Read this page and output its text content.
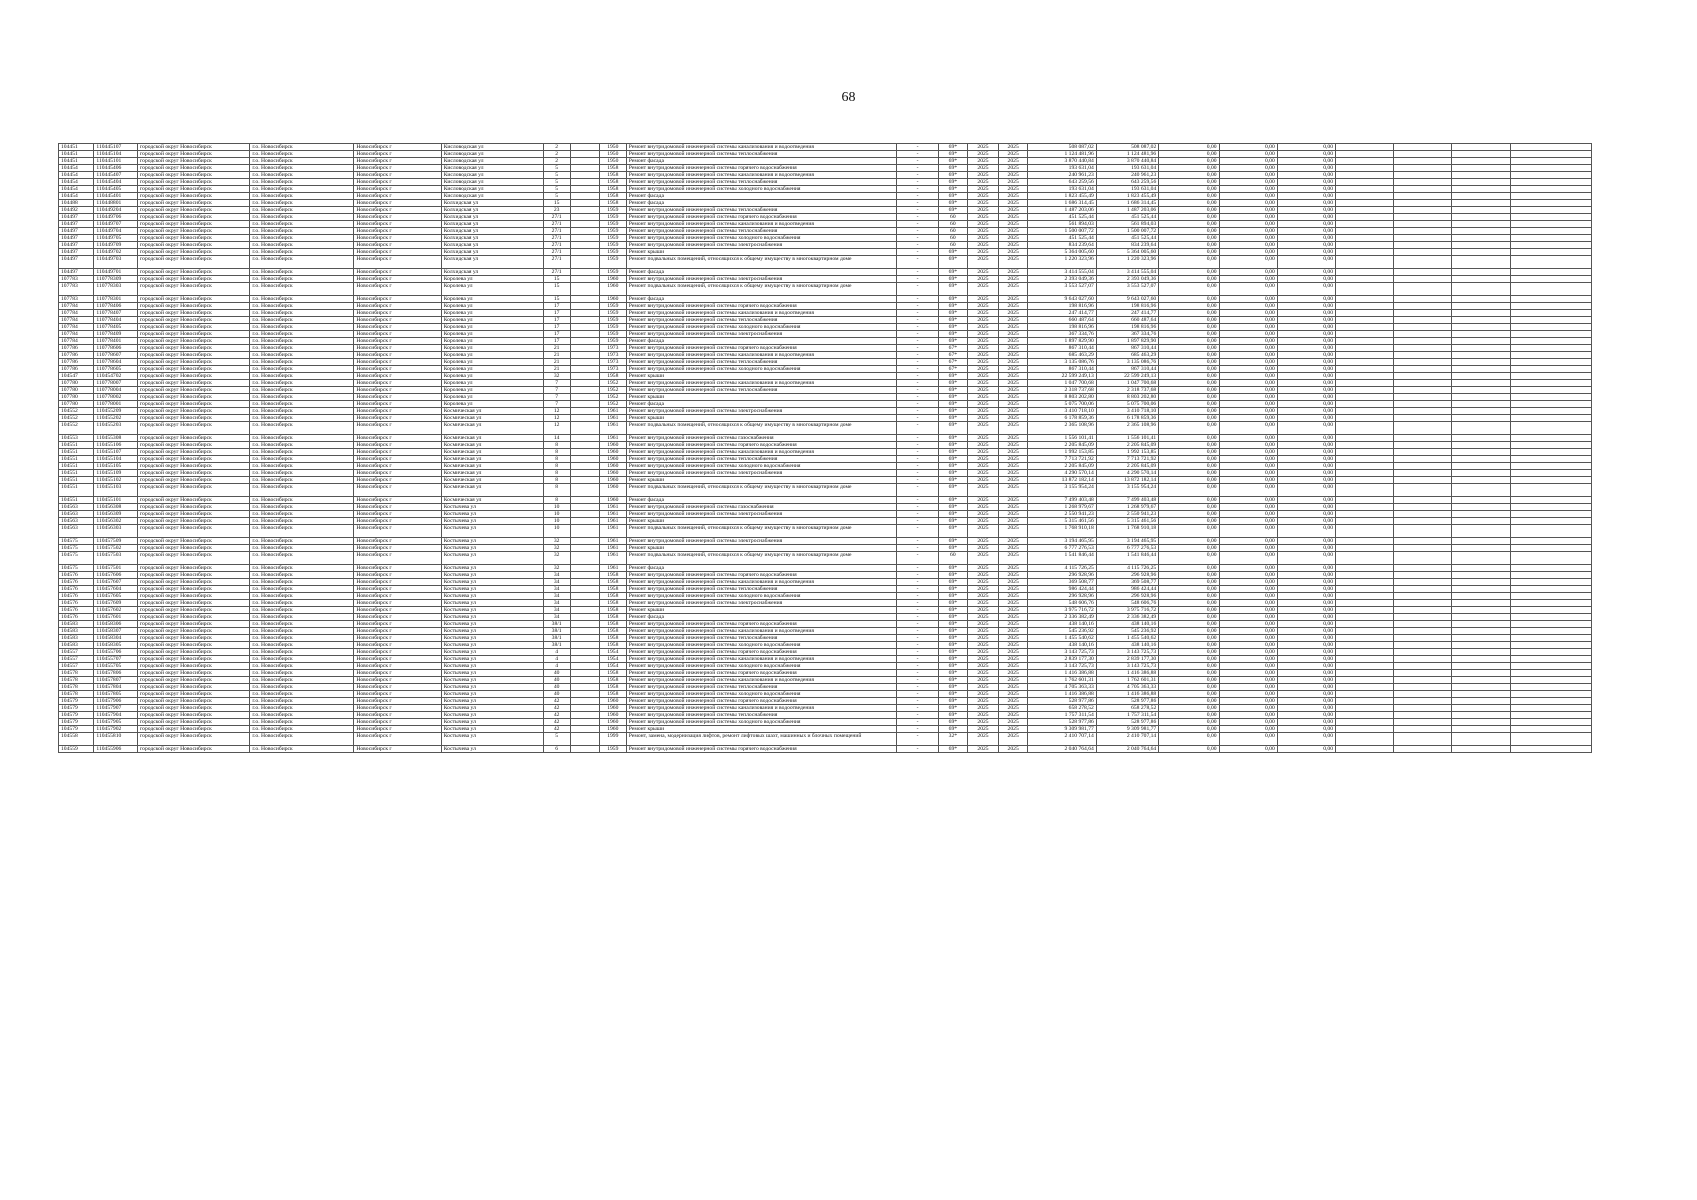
68
104451	110445107	городской округ Новосибирск	г.о. Новосибирск	Новосибирск г	Кисловодская ул	2		1950	Ремонт внутридомовой инженерной системы канализования и водоотведения	-	69*	2025	2025	508 087,02	508 087,02	0,00	0,00	0,00				
104451	110445104	городской округ Новосибирск	г.о. Новосибирск	Новосибирск г	Кисловодская ул	2		1950	Ремонт внутридомовой инженерной системы теплоснабжения	-	69*	2025	2025	1 124 481,96	1 124 481,96	0,00	0,00	0,00				
104451	110445101	городской округ Новосибирск	г.о. Новосибирск	Новосибирск г	Кисловодская ул	2		1950	Ремонт фасада	-	69*	2025	2025	3 870 440,84	3 870 440,84	0,00	0,00	0,00				
104454	110445406	городской округ Новосибирск	г.о. Новосибирск	Новосибирск г	Кисловодская ул	5		1958	Ремонт внутридомовой инженерной системы горячего водоснабжения	-	69*	2025	2025	193 631,04	193 631,04	0,00	0,00	0,00				
104454	110445407	городской округ Новосибирск	г.о. Новосибирск	Новосибирск г	Кисловодская ул	5		1958	Ремонт внутридомовой инженерной системы канализования и водоотведения	-	69*	2025	2025	240 961,23	240 961,23	0,00	0,00	0,00				
104454	110445404	городской округ Новосибирск	г.о. Новосибирск	Новосибирск г	Кисловодская ул	5		1958	Ремонт внутридомовой инженерной системы теплоснабжения	-	69*	2025	2025	643 259,56	643 259,56	0,00	0,00	0,00				
104454	110445405	городской округ Новосибирск	г.о. Новосибирск	Новосибирск г	Кисловодская ул	5		1958	Ремонт внутридомовой инженерной системы холодного водоснабжения	-	69*	2025	2025	193 631,04	193 631,04	0,00	0,00	0,00				
104454	110445401	городской округ Новосибирск	г.о. Новосибирск	Новосибирск г	Кисловодская ул	5		1958	Ремонт фасада	-	69*	2025	2025	1 823 455,49	1 823 455,49	0,00	0,00	0,00				
104488	110448801	городской округ Новосибирск	г.о. Новосибирск	Новосибирск г	Колхидская ул	15		1958	Ремонт фасада	-	69*	2025	2025	1 686 314,45	1 686 314,45	0,00	0,00	0,00				
104492	110449204	городской округ Новосибирск	г.о. Новосибирск	Новосибирск г	Колхидская ул	23		1959	Ремонт внутридомовой инженерной системы теплоснабжения	-	69*	2025	2025	1 487 203,06	1 487 203,06	0,00	0,00	0,00				
104497	110449706	городской округ Новосибирск	г.о. Новосибирск	Новосибирск г	Колхидская ул	27/1		1959	Ремонт внутридомовой инженерной системы горячего водоснабжения	-	60	2025	2025	451 525,44	451 525,44	0,00	0,00	0,00				
104497	110449707	городской округ Новосибирск	г.о. Новосибирск	Новосибирск г	Колхидская ул	27/1		1959	Ремонт внутридомовой инженерной системы канализования и водоотведения	-	60	2025	2025	561 894,03	561 894,03	0,00	0,00	0,00				
104497	110449704	городской округ Новосибирск	г.о. Новосибирск	Новосибирск г	Колхидская ул	27/1		1959	Ремонт внутридомовой инженерной системы теплоснабжения	-	60	2025	2025	1 500 007,72	1 500 007,72	0,00	0,00	0,00				
104497	110449705	городской округ Новосибирск	г.о. Новосибирск	Новосибирск г	Колхидская ул	27/1		1959	Ремонт внутридомовой инженерной системы холодного водоснабжения	-	60	2025	2025	451 525,44	451 525,44	0,00	0,00	0,00				
104497	110449709	городской округ Новосибирск	г.о. Новосибирск	Новосибирск г	Колхидская ул	27/1		1959	Ремонт внутридомовой инженерной системы электроснабжения	-	60	2025	2025	834 239,64	834 239,64	0,00	0,00	0,00				
104497	110449702	городской округ Новосибирск	г.о. Новосибирск	Новосибирск г	Колхидская ул	27/1		1959	Ремонт крыши	-	69*	2025	2025	5 364 005,60	5 364 005,60	0,00	0,00	0,00				
104497	110449703	городской округ Новосибирск	г.о. Новосибирск	Новосибирск г	Колхидская ул	27/1		1959	Ремонт подвальных помещений, относящихся к общему имуществу в многоквартирном доме	-	69*	2025	2025	1 220 323,96	1 220 323,96	0,00	0,00	0,00				
104497	110449701	городской округ Новосибирск	г.о. Новосибирск	Новосибирск г	Колхидская ул	27/1		1959	Ремонт фасада	-	69*	2025	2025	3 414 555,04	3 414 555,04	0,00	0,00	0,00				
107783	110778309	городской округ Новосибирск	г.о. Новосибирск	Новосибирск г	Королева ул	15		1960	Ремонт внутридомовой инженерной системы электроснабжения	-	69*	2025	2025	2 393 049,36	2 393 049,36	0,00	0,00	0,00				
107783	110778303	городской округ Новосибирск	г.о. Новосибирск	Новосибирск г	Королева ул	15		1960	Ремонт подвальных помещений, относящихся к общему имуществу в многоквартирном доме	-	69*	2025	2025	3 553 527,07	3 553 527,07	0,00	0,00	0,00				
107783	110778301	городской округ Новосибирск	г.о. Новосибирск	Новосибирск г	Королева ул	15		1960	Ремонт фасада	-	69*	2025	2025	9 643 027,60	9 643 027,60	0,00	0,00	0,00				
107784	110778406	городской округ Новосибирск	г.о. Новосибирск	Новосибирск г	Королева ул	17		1959	Ремонт внутридомовой инженерной системы горячего водоснабжения	-	69*	2025	2025	198 816,96	198 816,96	0,00	0,00	0,00				
107784	110778407	городской округ Новосибирск	г.о. Новосибирск	Новосибирск г	Королева ул	17		1959	Ремонт внутридомовой инженерной системы канализования и водоотведения	-	69*	2025	2025	247 414,77	247 414,77	0,00	0,00	0,00				
107784	110778404	городской округ Новосибирск	г.о. Новосибирск	Новосибирск г	Королева ул	17		1959	Ремонт внутридомовой инженерной системы теплоснабжения	-	69*	2025	2025	660 487,64	660 487,64	0,00	0,00	0,00				
107784	110778405	городской округ Новосибирск	г.о. Новосибирск	Новосибирск г	Королева ул	17		1959	Ремонт внутридомовой инженерной системы холодного водоснабжения	-	69*	2025	2025	198 816,96	198 816,96	0,00	0,00	0,00				
107784	110778409	городской округ Новосибирск	г.о. Новосибирск	Новосибирск г	Королева ул	17		1959	Ремонт внутридомовой инженерной системы электроснабжения	-	69*	2025	2025	367 334,76	367 334,76	0,00	0,00	0,00				
107784	110778401	городской округ Новосибирск	г.о. Новосибирск	Новосибирск г	Королева ул	17		1959	Ремонт фасада	-	69*	2025	2025	1 897 829,90	1 897 829,90	0,00	0,00	0,00				
107786	110778606	городской округ Новосибирск	г.о. Новосибирск	Новосибирск г	Королева ул	21		1973	Ремонт внутридомовой инженерной системы горячего водоснабжения	-	67*	2025	2025	867 310,44	867 310,44	0,00	0,00	0,00				
107786	110778607	городской округ Новосибирск	г.о. Новосибирск	Новосибирск г	Королева ул	21		1973	Ремонт внутридомовой инженерной системы канализования и водоотведения	-	67*	2025	2025	685 463,29	685 463,29	0,00	0,00	0,00				
107786	110778604	городской округ Новосибирск	г.о. Новосибирск	Новосибирск г	Королева ул	21		1973	Ремонт внутридомовой инженерной системы теплоснабжения	-	67*	2025	2025	3 135 086,76	3 135 086,76	0,00	0,00	0,00				
107786	110778605	городской округ Новосибирск	г.о. Новосибирск	Новосибирск г	Королева ул	21		1973	Ремонт внутридомовой инженерной системы холодного водоснабжения	-	67*	2025	2025	867 310,44	867 310,44	0,00	0,00	0,00				
104547	110454702	городской округ Новосибирск	г.о. Новосибирск	Новосибирск г	Королева ул	32		1958	Ремонт крыши	-	69*	2025	2025	22 599 249,13	22 599 249,13	0,00	0,00	0,00				
107780	110778007	городской округ Новосибирск	г.о. Новосибирск	Новосибирск г	Королева ул	7		1952	Ремонт внутридомовой инженерной системы канализования и водоотведения	-	69*	2025	2025	1 047 700,68	1 047 700,68	0,00	0,00	0,00				
107780	110778004	городской округ Новосибирск	г.о. Новосибирск	Новосибирск г	Королева ул	7		1952	Ремонт внутридомовой инженерной системы теплоснабжения	-	69*	2025	2025	2 318 737,68	2 318 737,68	0,00	0,00	0,00				
107780	110778002	городской округ Новосибирск	г.о. Новосибирск	Новосибирск г	Королева ул	7		1952	Ремонт крыши	-	69*	2025	2025	8 803 202,80	8 803 202,80	0,00	0,00	0,00				
107780	110778001	городской округ Новосибирск	г.о. Новосибирск	Новосибирск г	Королева ул	7		1952	Ремонт фасада	-	69*	2025	2025	5 075 700,06	5 075 700,06	0,00	0,00	0,00				
104552	110455209	городской округ Новосибирск	г.о. Новосибирск	Новосибирск г	Космическая ул	12		1961	Ремонт внутридомовой инженерной системы электроснабжения	-	69*	2025	2025	3 410 718,10	3 410 718,10	0,00	0,00	0,00				
104552	110455202	городской округ Новосибирск	г.о. Новосибирск	Новосибирск г	Космическая ул	12		1961	Ремонт крыши	-	69*	2025	2025	6 178 859,36	6 178 859,36	0,00	0,00	0,00				
104552	110455203	городской округ Новосибирск	г.о. Новосибирск	Новосибирск г	Космическая ул	12		1961	Ремонт подвальных помещений, относящихся к общему имуществу в многоквартирном доме	-	69*	2025	2025	2 365 108,96	2 365 108,96	0,00	0,00	0,00				
104553	110455308	городской округ Новосибирск	г.о. Новосибирск	Новосибирск г	Космическая ул	14		1961	Ремонт внутридомовой инженерной системы газоснабжения	-	69*	2025	2025	1 556 101,41	1 556 101,41	0,00	0,00	0,00				
104551	110455106	городской округ Новосибирск	г.о. Новосибирск	Новосибирск г	Космическая ул	8		1960	Ремонт внутридомовой инженерной системы горячего водоснабжения	-	69*	2025	2025	2 205 845,09	2 205 845,09	0,00	0,00	0,00				
104551	110455107	городской округ Новосибирск	г.о. Новосибирск	Новосибирск г	Космическая ул	8		1960	Ремонт внутридомовой инженерной системы канализования и водоотведения	-	69*	2025	2025	1 992 153,85	1 992 153,85	0,00	0,00	0,00				
104551	110455104	городской округ Новосибирск	г.о. Новосибирск	Новосибирск г	Космическая ул	8		1960	Ремонт внутридомовой инженерной системы теплоснабжения	-	69*	2025	2025	7 713 721,92	7 713 721,92	0,00	0,00	0,00				
104551	110455105	городской округ Новосибирск	г.о. Новосибирск	Новосибирск г	Космическая ул	8		1960	Ремонт внутридомовой инженерной системы холодного водоснабжения	-	69*	2025	2025	2 205 845,09	2 205 845,09	0,00	0,00	0,00				
104551	110455109	городской округ Новосибирск	г.о. Новосибирск	Новосибирск г	Космическая ул	8		1960	Ремонт внутридомовой инженерной системы электроснабжения	-	69*	2025	2025	4 290 570,14	4 290 570,14	0,00	0,00	0,00				
104551	110455102	городской округ Новосибирск	г.о. Новосибирск	Новосибирск г	Космическая ул	8		1960	Ремонт крыши	-	69*	2025	2025	13 872 182,14	13 872 182,14	0,00	0,00	0,00				
104551	110455103	городской округ Новосибирск	г.о. Новосибирск	Новосибирск г	Космическая ул	8		1960	Ремонт подвальных помещений, относящихся к общему имуществу в многоквартирном доме	-	69*	2025	2025	3 155 954,24	3 155 954,24	0,00	0,00	0,00				
104551	110455101	городской округ Новосибирск	г.о. Новосибирск	Новосибирск г	Космическая ул	8		1960	Ремонт фасада	-	69*	2025	2025	7 499 403,48	7 499 403,48	0,00	0,00	0,00				
104563	110456308	городской округ Новосибирск	г.о. Новосибирск	Новосибирск г	Костычева ул	10		1961	Ремонт внутридомовой инженерной системы газоснабжения	-	69*	2025	2025	1 268 979,67	1 268 979,67	0,00	0,00	0,00				
104563	110456309	городской округ Новосибирск	г.о. Новосибирск	Новосибирск г	Костычева ул	10		1961	Ремонт внутридомовой инженерной системы электроснабжения	-	69*	2025	2025	2 550 941,23	2 550 941,23	0,00	0,00	0,00				
104563	110456302	городской округ Новосибирск	г.о. Новосибирск	Новосибирск г	Костычева ул	10		1961	Ремонт крыши	-	69*	2025	2025	5 315 461,56	5 315 461,56	0,00	0,00	0,00				
104563	110456303	городской округ Новосибирск	г.о. Новосибирск	Новосибирск г	Костычева ул	10		1961	Ремонт подвальных помещений, относящихся к общему имуществу в многоквартирном доме	-	69*	2025	2025	1 768 910,18	1 768 910,18	0,00	0,00	0,00				
104575	110457509	городской округ Новосибирск	г.о. Новосибирск	Новосибирск г	Костычева ул	32		1961	Ремонт внутридомовой инженерной системы электроснабжения	-	69*	2025	2025	3 194 465,95	3 194 465,95	0,00	0,00	0,00				
104575	110457502	городской округ Новосибирск	г.о. Новосибирск	Новосибирск г	Костычева ул	32		1961	Ремонт крыши	-	69*	2025	2025	6 777 276,53	6 777 276,53	0,00	0,00	0,00				
104575	110457503	городской округ Новосибирск	г.о. Новосибирск	Новосибирск г	Костычева ул	32		1961	Ремонт подвальных помещений, относящихся к общему имуществу в многоквартирном доме	-	60	2025	2025	1 541 846,44	1 541 846,44	0,00	0,00	0,00				
104575	110457501	городской округ Новосибирск	г.о. Новосибирск	Новосибирск г	Костычева ул	32		1961	Ремонт фасада	-	69*	2025	2025	4 115 726,25	4 115 726,25	0,00	0,00	0,00				
104576	110457606	городской округ Новосибирск	г.о. Новосибирск	Новосибирск г	Костычева ул	34		1958	Ремонт внутридомовой инженерной системы горячего водоснабжения	-	69*	2025	2025	296 928,96	296 928,96	0,00	0,00	0,00				
104576	110457607	городской округ Новосибирск	г.о. Новосибирск	Новосибирск г	Костычева ул	34		1958	Ремонт внутридомовой инженерной системы канализования и водоотведения	-	69*	2025	2025	369 508,77	369 508,77	0,00	0,00	0,00				
104576	110457604	городской округ Новосибирск	г.о. Новосибирск	Новосибирск г	Костычева ул	34		1958	Ремонт внутридомовой инженерной системы теплоснабжения	-	69*	2025	2025	986 424,44	986 424,44	0,00	0,00	0,00				
104576	110457605	городской округ Новосибирск	г.о. Новосибирск	Новосибирск г	Костычева ул	34		1958	Ремонт внутридомовой инженерной системы холодного водоснабжения	-	69*	2025	2025	296 928,96	296 928,96	0,00	0,00	0,00				
104576	110457609	городской округ Новосибирск	г.о. Новосибирск	Новосибирск г	Костычева ул	34		1958	Ремонт внутридомовой инженерной системы электроснабжения	-	69*	2025	2025	548 606,76	548 606,76	0,00	0,00	0,00				
104576	110457602	городской округ Новосибирск	г.о. Новосибирск	Новосибирск г	Костычева ул	34		1958	Ремонт крыши	-	69*	2025	2025	3 975 716,72	3 975 716,72	0,00	0,00	0,00				
104576	110457601	городской округ Новосибирск	г.о. Новосибирск	Новосибирск г	Костычева ул	34		1958	Ремонт фасада	-	69*	2025	2025	2 336 382,49	2 336 382,49	0,00	0,00	0,00				
104583	110458306	городской округ Новосибирск	г.о. Новосибирск	Новосибирск г	Костычева ул	38/1		1958	Ремонт внутридомовой инженерной системы горячего водоснабжения	-	69*	2025	2025	438 140,16	438 140,16	0,00	0,00	0,00				
104583	110458307	городской округ Новосибирск	г.о. Новосибирск	Новосибирск г	Костычева ул	38/1		1958	Ремонт внутридомовой инженерной системы канализования и водоотведения	-	69*	2025	2025	545 236,92	545 236,92	0,00	0,00	0,00				
104583	110458304	городской округ Новосибирск	г.о. Новосибирск	Новосибирск г	Костычева ул	38/1		1958	Ремонт внутридомовой инженерной системы теплоснабжения	-	69*	2025	2025	1 455 540,62	1 455 540,62	0,00	0,00	0,00				
104583	110458305	городской округ Новосибирск	г.о. Новосибирск	Новосибирск г	Костычева ул	38/1		1958	Ремонт внутридомовой инженерной системы холодного водоснабжения	-	69*	2025	2025	438 140,16	438 140,16	0,00	0,00	0,00				
104557	110455706	городской округ Новосибирск	г.о. Новосибирск	Новосибирск г	Костычева ул	4		1954	Ремонт внутридомовой инженерной системы горячего водоснабжения	-	69*	2025	2025	3 143 725,73	3 143 725,73	0,00	0,00	0,00				
104557	110455707	городской округ Новосибирск	г.о. Новосибирск	Новосибирск г	Костычева ул	4		1954	Ремонт внутридомовой инженерной системы канализования и водоотведения	-	69*	2025	2025	2 839 177,30	2 839 177,30	0,00	0,00	0,00				
104557	110455705	городской округ Новосибирск	г.о. Новосибирск	Новосибирск г	Костычева ул	4		1954	Ремонт внутридомовой инженерной системы холодного водоснабжения	-	69*	2025	2025	3 143 725,73	3 143 725,73	0,00	0,00	0,00				
104578	110457806	городской округ Новосибирск	г.о. Новосибирск	Новосибирск г	Костычева ул	40		1958	Ремонт внутридомовой инженерной системы горячего водоснабжения	-	69*	2025	2025	1 416 386,88	1 416 386,88	0,00	0,00	0,00				
104578	110457807	городской округ Новосибирск	г.о. Новосибирск	Новосибирск г	Костычева ул	40		1958	Ремонт внутридомовой инженерной системы канализования и водоотведения	-	69*	2025	2025	1 762 601,31	1 762 601,31	0,00	0,00	0,00				
104578	110457804	городской округ Новосибирск	г.о. Новосибирск	Новосибирск г	Костычева ул	40		1958	Ремонт внутридомовой инженерной системы теплоснабжения	-	69*	2025	2025	4 705 363,33	4 705 363,33	0,00	0,00	0,00				
104578	110457805	городской округ Новосибирск	г.о. Новосибирск	Новосибирск г	Костычева ул	40		1958	Ремонт внутридомовой инженерной системы холодного водоснабжения	-	69*	2025	2025	1 416 386,88	1 416 386,88	0,00	0,00	0,00				
104579	110457906	городской округ Новосибирск	г.о. Новосибирск	Новосибирск г	Костычева ул	42		1960	Ремонт внутридомовой инженерной системы горячего водоснабжения	-	69*	2025	2025	528 977,86	528 977,86	0,00	0,00	0,00				
104579	110457907	городской округ Новосибирск	г.о. Новосибирск	Новосибирск г	Костычева ул	42		1960	Ремонт внутридомовой инженерной системы канализования и водоотведения	-	69*	2025	2025	658 278,52	658 278,52	0,00	0,00	0,00				
104579	110457904	городской округ Новосибирск	г.о. Новосибирск	Новосибирск г	Костычева ул	42		1960	Ремонт внутридомовой инженерной системы теплоснабжения	-	69*	2025	2025	1 757 311,54	1 757 311,54	0,00	0,00	0,00				
104579	110457905	городской округ Новосибирск	г.о. Новосибирск	Новосибирск г	Костычева ул	42		1960	Ремонт внутридомовой инженерной системы холодного водоснабжения	-	69*	2025	2025	528 977,86	528 977,86	0,00	0,00	0,00				
104579	110457902	городской округ Новосибирск	г.о. Новосибирск	Новосибирск г	Костычева ул	42		1960	Ремонт крыши	-	69*	2025	2025	9 309 981,77	9 309 981,77	0,00	0,00	0,00				
104558	110455810	городской округ Новосибирск	г.о. Новосибирск	Новосибирск г	Костычева ул	5		1999	Ремонт, замена, модернизация лифтов, ремонт лифтовых шахт, машинных и блочных помещений	-	32*	2025	2025	2 410 707,14	2 410 707,14	0,00	0,00	0,00				
104559	110455906	городской округ Новосибирск	г.о. Новосибирск	Новосибирск г	Костычева ул	6		1959	Ремонт внутридомовой инженерной системы горячего водоснабжения	-	69*	2025	2025	2 040 764,64	2 040 764,64	0,00	0,00	0,00				
